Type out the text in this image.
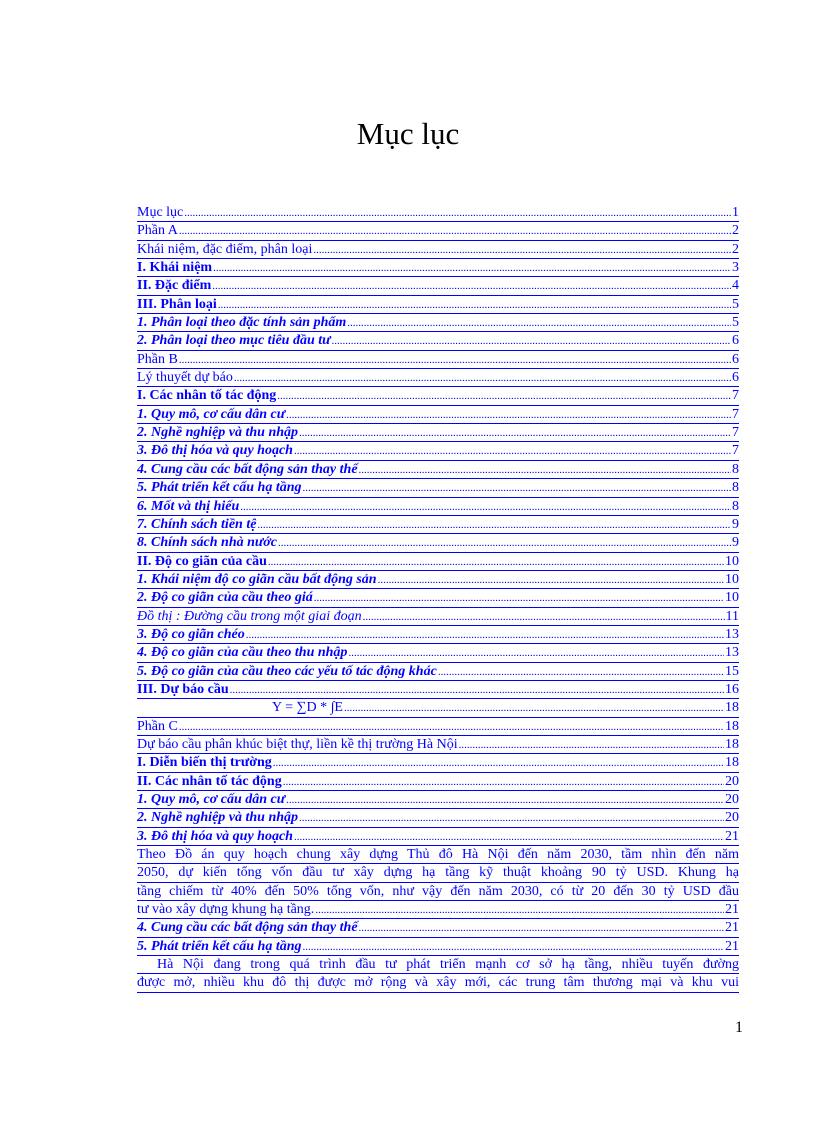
Mục lục
Mục lục .....	1
Phần A .....	2
Khái niệm, đặc điểm, phân loại .....	2
I. Khái niệm .....	3
II. Đặc điểm .....	4
III. Phân loại .....	5
1. Phân loại theo đặc tính sản phẩm .....	5
2. Phân loại theo mục tiêu đầu tư .....	6
Phần B .....	6
Lý thuyết dự báo .....	6
I. Các nhân tố tác động .....	7
1. Quy mô, cơ cấu dân cư .....	7
2. Nghề nghiệp và thu nhập .....	7
3. Đô thị hóa và quy hoạch .....	7
4. Cung cầu các bất động sản thay thế .....	8
5. Phát triển kết cấu hạ tầng .....	8
6. Mốt và thị hiếu .....	8
7. Chính sách tiền tệ .....	9
8. Chính sách nhà nước .....	9
II. Độ co giãn của cầu .....	10
1. Khái niệm độ co giãn cầu bất động sản .....	10
2. Độ co giãn của cầu theo giá .....	10
Đồ thị : Đường cầu trong một giai đoạn .....	11
3. Độ co giãn chéo .....	13
4. Độ co giãn của cầu theo thu nhập .....	13
5. Độ co giãn của cầu theo các yếu tố tác động khác .....	15
III. Dự báo cầu .....	16
Y = ∑D * ∫E .....	18
Phần C .....	18
Dự báo cầu phân khúc biệt thự, liền kề thị trường Hà Nội .....	18
I. Diễn biến thị trường .....	18
II. Các nhân tố tác động .....	20
1. Quy mô, cơ cấu dân cư .....	20
2. Nghề nghiệp và thu nhập .....	20
3. Đô thị hóa và quy hoạch .....	21
Theo Đồ án quy hoạch chung xây dựng Thủ đô Hà Nội đến năm 2030, tầm nhìn đến năm
2050, dự kiến tổng vốn đầu tư xây dựng hạ tầng kỹ thuật khoảng 90 tỷ USD. Khung hạ
tầng chiếm từ 40% đến 50% tổng vốn, như vậy đến năm 2030, có từ 20 đến 30 tỷ USD đầu
tư vào xây dựng khung hạ tầng. .....	21
4. Cung cầu các bất động sản thay thế .....	21
5. Phát triển kết cấu hạ tầng .....	21
Hà Nội đang trong quá trình đầu tư phát triển mạnh cơ sở hạ tầng, nhiều tuyến đường
được mở, nhiều khu đô thị được mở rộng và xây mới, các trung tâm thương mại và khu vui
1
